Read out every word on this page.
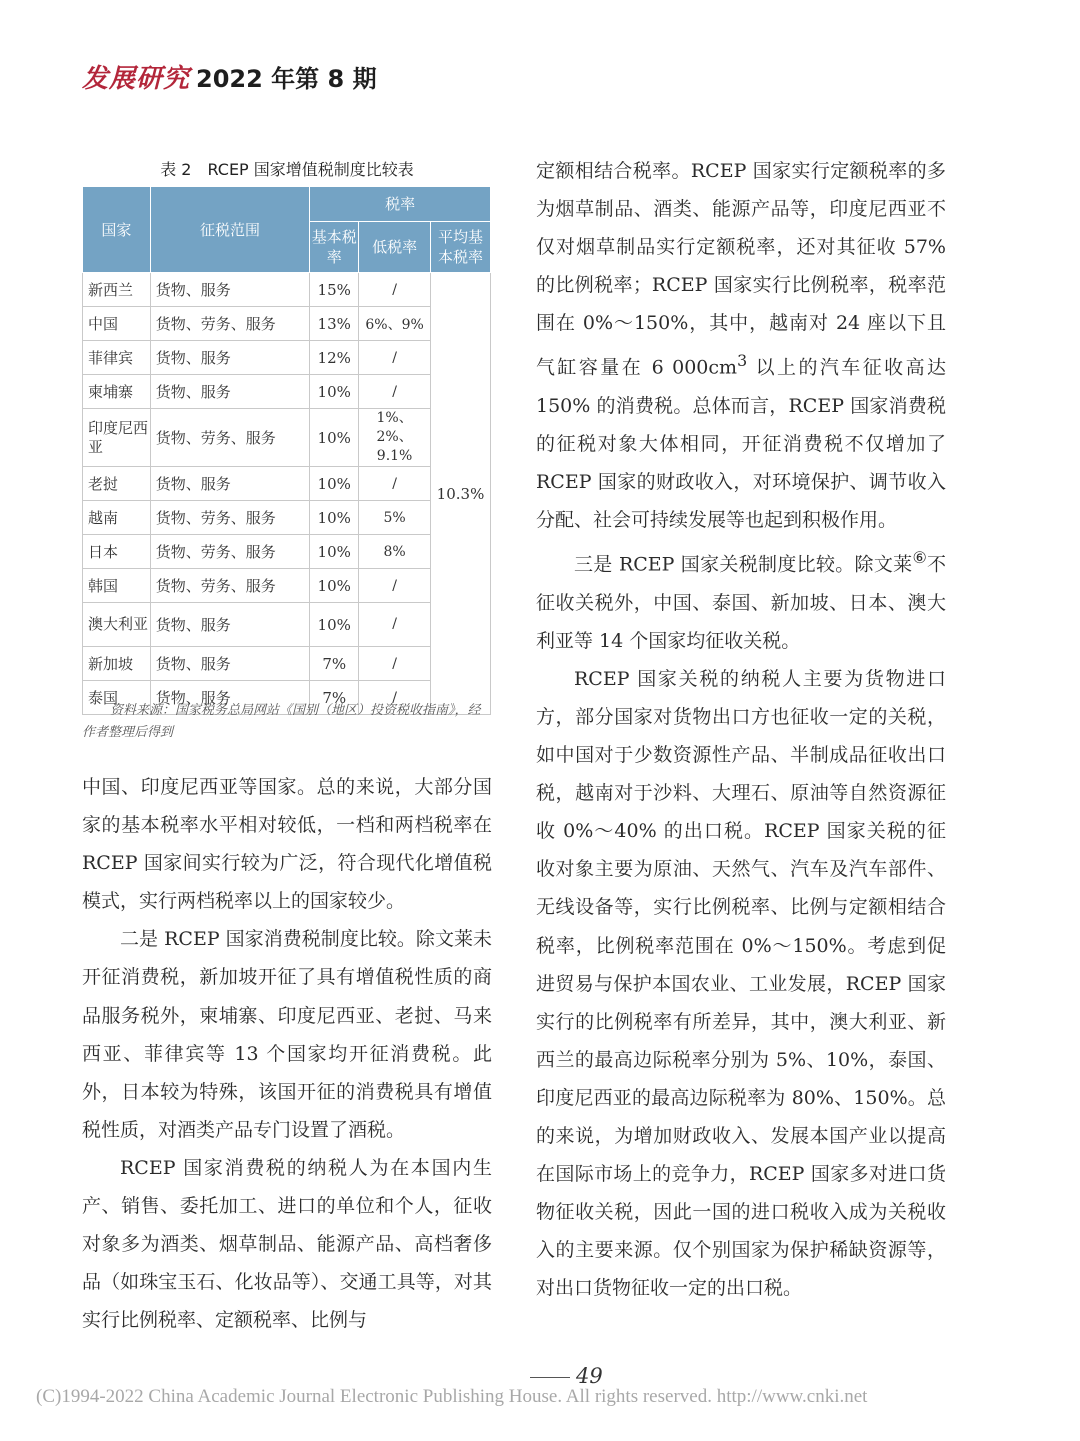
发展研究 2022 年第 8 期
表 2　RCEP 国家增值税制度比较表
国家	征税范围	税率		
		基本税率	低税率	平均基本税率
新西兰	货物、服务	15%	/	10.3%
中国	货物、劳务、服务	13%	6%、9%	
菲律宾	货物、服务	12%	/	
柬埔寨	货物、服务	10%	/	
印度尼西亚	货物、劳务、服务	10%	1%、2%、9.1%	
老挝	货物、服务	10%	/	
越南	货物、劳务、服务	10%	5%	
日本	货物、劳务、服务	10%	8%	
韩国	货物、劳务、服务	10%	/	
澳大利亚	货物、服务	10%	/	
新加坡	货物、服务	7%	/	
泰国	货物、服务	7%	/	
资料来源：国家税务总局网站《国别（地区）投资税收指南》，经作者整理后得到

中国、印度尼西亚等国家。总的来说，大部分国家的基本税率水平相对较低，一档和两档税率在 RCEP 国家间实行较为广泛，符合现代化增值税模式，实行两档税率以上的国家较少。

二是 RCEP 国家消费税制度比较。除文莱未开征消费税，新加坡开征了具有增值税性质的商品服务税外，柬埔寨、印度尼西亚、老挝、马来西亚、菲律宾等 13 个国家均开征消费税。此外，日本较为特殊，该国开征的消费税具有增值税性质，对酒类产品专门设置了酒税。

RCEP 国家消费税的纳税人为在本国内生产、销售、委托加工、进口的单位和个人，征收对象多为酒类、烟草制品、能源产品、高档奢侈品（如珠宝玉石、化妆品等）、交通工具等，对其实行比例税率、定额税率、比例与

定额相结合税率。RCEP 国家实行定额税率的多为烟草制品、酒类、能源产品等，印度尼西亚不仅对烟草制品实行定额税率，还对其征收 57% 的比例税率；RCEP 国家实行比例税率，税率范围在 0%～150%，其中，越南对 24 座以下且气缸容量在 6 $000cm^3$ 以上的汽车征收高达 150% 的消费税。总体而言，RCEP 国家消费税的征税对象大体相同，开征消费税不仅增加了 RCEP 国家的财政收入，对环境保护、调节收入分配、社会可持续发展等也起到积极作用。

三是 RCEP 国家关税制度比较。除文莱⑥不征收关税外，中国、泰国、新加坡、日本、澳大利亚等 14 个国家均征收关税。

RCEP 国家关税的纳税人主要为货物进口方，部分国家对货物出口方也征收一定的关税，如中国对于少数资源性产品、半制成品征收出口税，越南对于沙料、大理石、原油等自然资源征收 0%～40% 的出口税。RCEP 国家关税的征收对象主要为原油、天然气、汽车及汽车部件、无线设备等，实行比例税率、比例与定额相结合税率，比例税率范围在 0%～150%。考虑到促进贸易与保护本国农业、工业发展，RCEP 国家实行的比例税率有所差异，其中，澳大利亚、新西兰的最高边际税率分别为 5%、10%，泰国、印度尼西亚的最高边际税率为 80%、150%。总的来说，为增加财政收入、发展本国产业以提高在国际市场上的竞争力，RCEP 国家多对进口货物征收关税，因此一国的进口税收入成为关税收入的主要来源。仅个别国家为保护稀缺资源等，对出口货物征收一定的出口税。

49
(C)1994-2022 China Academic Journal Electronic Publishing House. All rights reserved. http://www.cnki.net
